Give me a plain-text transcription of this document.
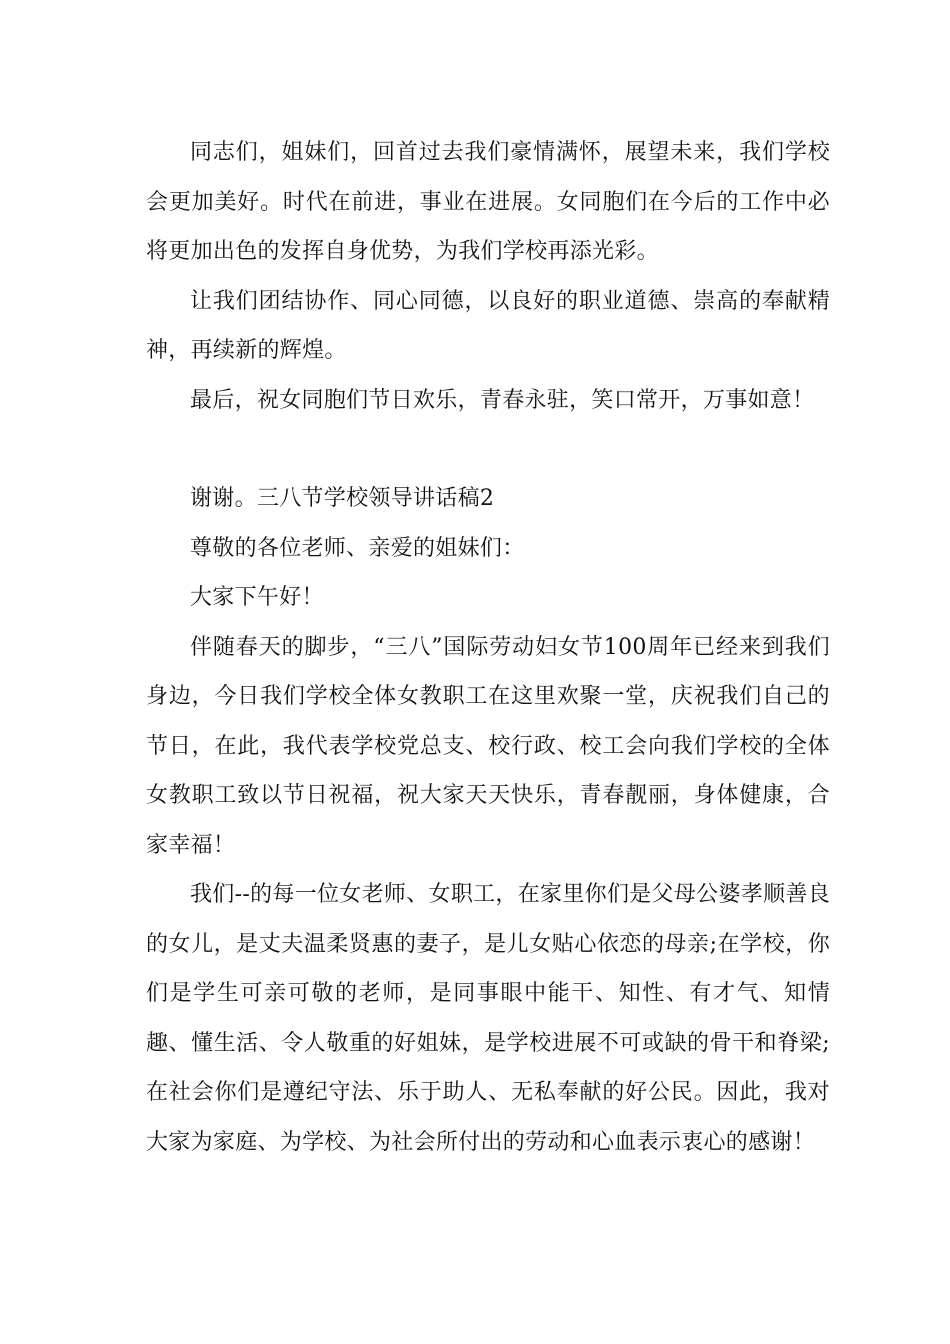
同志们，姐妹们，回首过去我们豪情满怀，展望未来，我们学校会更加美好。时代在前进，事业在进展。女同胞们在今后的工作中必将更加出色的发挥自身优势，为我们学校再添光彩。

让我们团结协作、同心同德，以良好的职业道德、崇高的奉献精神，再续新的辉煌。

最后，祝女同胞们节日欢乐，青春永驻，笑口常开，万事如意！

谢谢。三八节学校领导讲话稿2

尊敬的各位老师、亲爱的姐妹们：

大家下午好！

伴随春天的脚步，“三八”国际劳动妇女节100周年已经来到我们身边，今日我们学校全体女教职工在这里欢聚一堂，庆祝我们自己的节日，在此，我代表学校党总支、校行政、校工会向我们学校的全体女教职工致以节日祝福，祝大家天天快乐，青春靓丽，身体健康，合家幸福！

我们--的每一位女老师、女职工，在家里你们是父母公婆孝顺善良的女儿，是丈夫温柔贤惠的妻子，是儿女贴心依恋的母亲;在学校，你们是学生可亲可敬的老师，是同事眼中能干、知性、有才气、知情趣、懂生活、令人敬重的好姐妹，是学校进展不可或缺的骨干和脊梁;在社会你们是遵纪守法、乐于助人、无私奉献的好公民。因此，我对大家为家庭、为学校、为社会所付出的劳动和心血表示衷心的感谢！
